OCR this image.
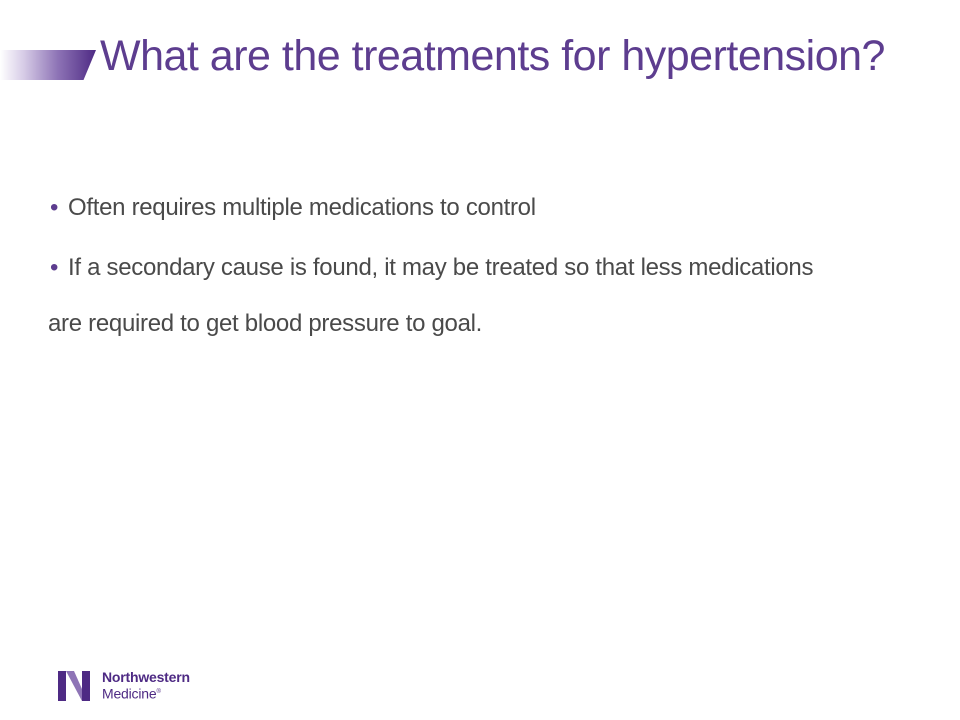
What are the treatments for hypertension?
• Often requires multiple medications to control
• If a secondary cause is found, it may be treated so that less medications are required to get blood pressure to goal.
Northwestern
Medicine®
